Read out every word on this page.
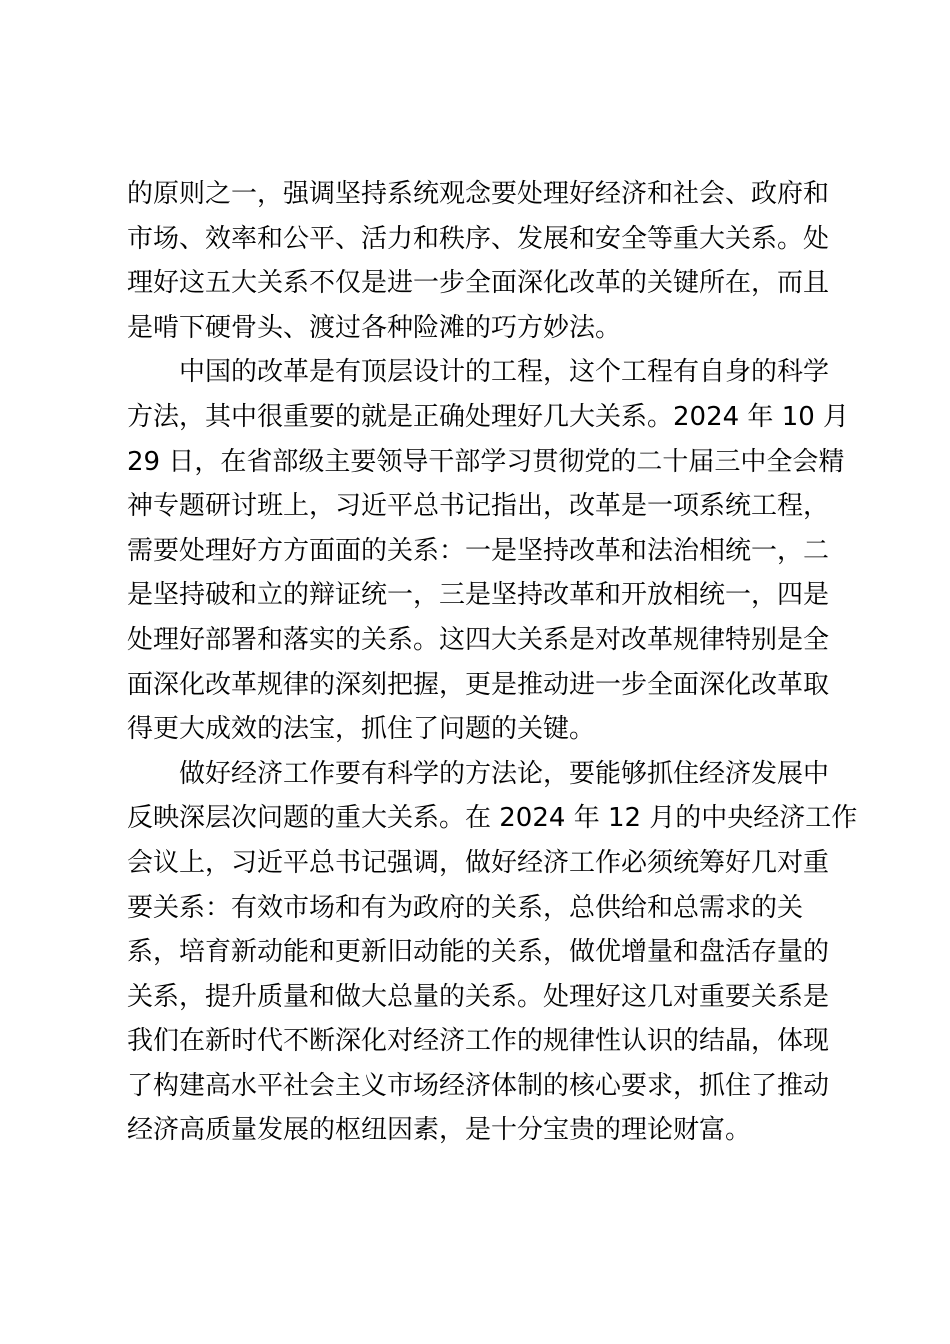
的原则之一，强调坚持系统观念要处理好经济和社会、政府和
市场、效率和公平、活力和秩序、发展和安全等重大关系。处
理好这五大关系不仅是进一步全面深化改革的关键所在，而且
是啃下硬骨头、渡过各种险滩的巧方妙法。
中国的改革是有顶层设计的工程，这个工程有自身的科学
方法，其中很重要的就是正确处理好几大关系。2024 年 10 月
29 日，在省部级主要领导干部学习贯彻党的二十届三中全会精
神专题研讨班上，习近平总书记指出，改革是一项系统工程，
需要处理好方方面面的关系：一是坚持改革和法治相统一，二
是坚持破和立的辩证统一，三是坚持改革和开放相统一，四是
处理好部署和落实的关系。这四大关系是对改革规律特别是全
面深化改革规律的深刻把握，更是推动进一步全面深化改革取
得更大成效的法宝，抓住了问题的关键。
做好经济工作要有科学的方法论，要能够抓住经济发展中
反映深层次问题的重大关系。在 2024 年 12 月的中央经济工作
会议上，习近平总书记强调，做好经济工作必须统筹好几对重
要关系：有效市场和有为政府的关系，总供给和总需求的关
系，培育新动能和更新旧动能的关系，做优增量和盘活存量的
关系，提升质量和做大总量的关系。处理好这几对重要关系是
我们在新时代不断深化对经济工作的规律性认识的结晶，体现
了构建高水平社会主义市场经济体制的核心要求，抓住了推动
经济高质量发展的枢纽因素，是十分宝贵的理论财富。
